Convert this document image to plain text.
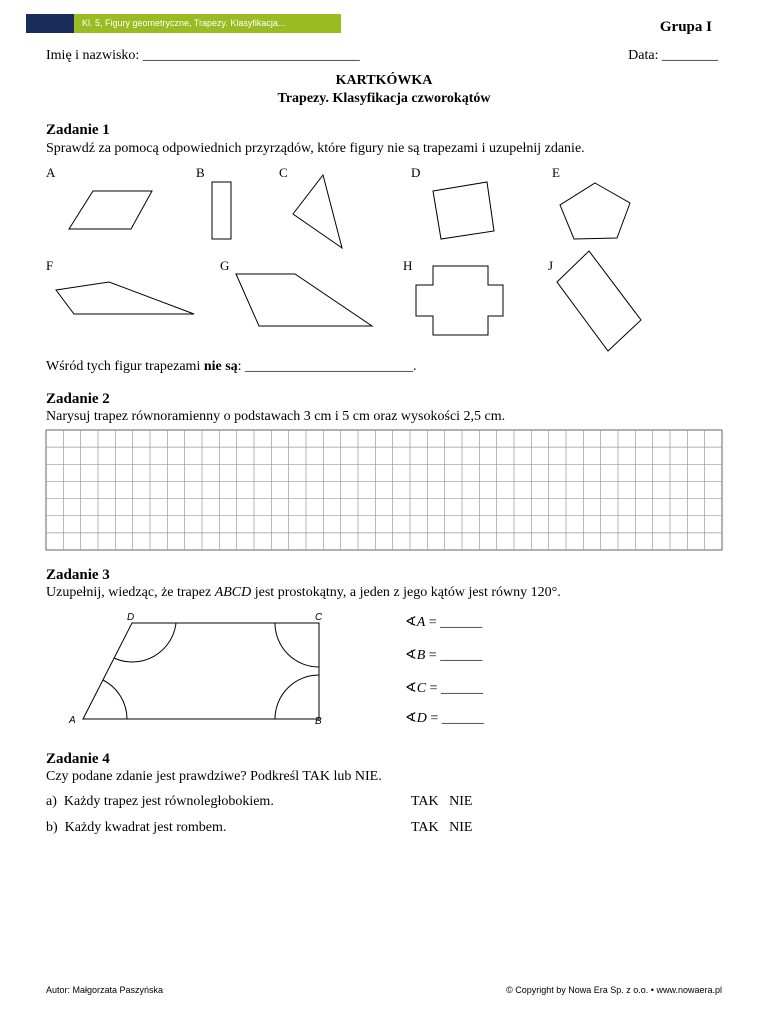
Kl. 5, Figury geometryczne, Trapezy. Klasyfikacja...	Grupa I
Imię i nazwisko: _______________________________	Data: ________
KARTKÓWKA
Trapezy. Klasyfikacja czworokątów
Zadanie 1
Sprawdź za pomocą odpowiednich przyrządów, które figury nie są trapezami i uzupełnij zdanie.
A	B	C	D	E
F	G	H	J
Wśród tych figur trapezami nie są: ________________________.
Zadanie 2
Narysuj trapez równoramienny o podstawach 3 cm i 5 cm oraz wysokości 2,5 cm.
Zadanie 3
Uzupełnij, wiedząc, że trapez ABCD jest prostokątny, a jeden z jego kątów jest równy 120°.
D	C
A	B
∢A = ______
∢B = ______
∢C = ______
∢D = ______
Zadanie 4
Czy podane zdanie jest prawdziwe? Podkreśl TAK lub NIE.
a) Każdy trapez jest równoległobokiem.	TAK NIE
b) Każdy kwadrat jest rombem.	TAK NIE
Autor: Małgorzata Paszyńska	© Copyright by Nowa Era Sp. z o.o. • www.nowaera.pl
